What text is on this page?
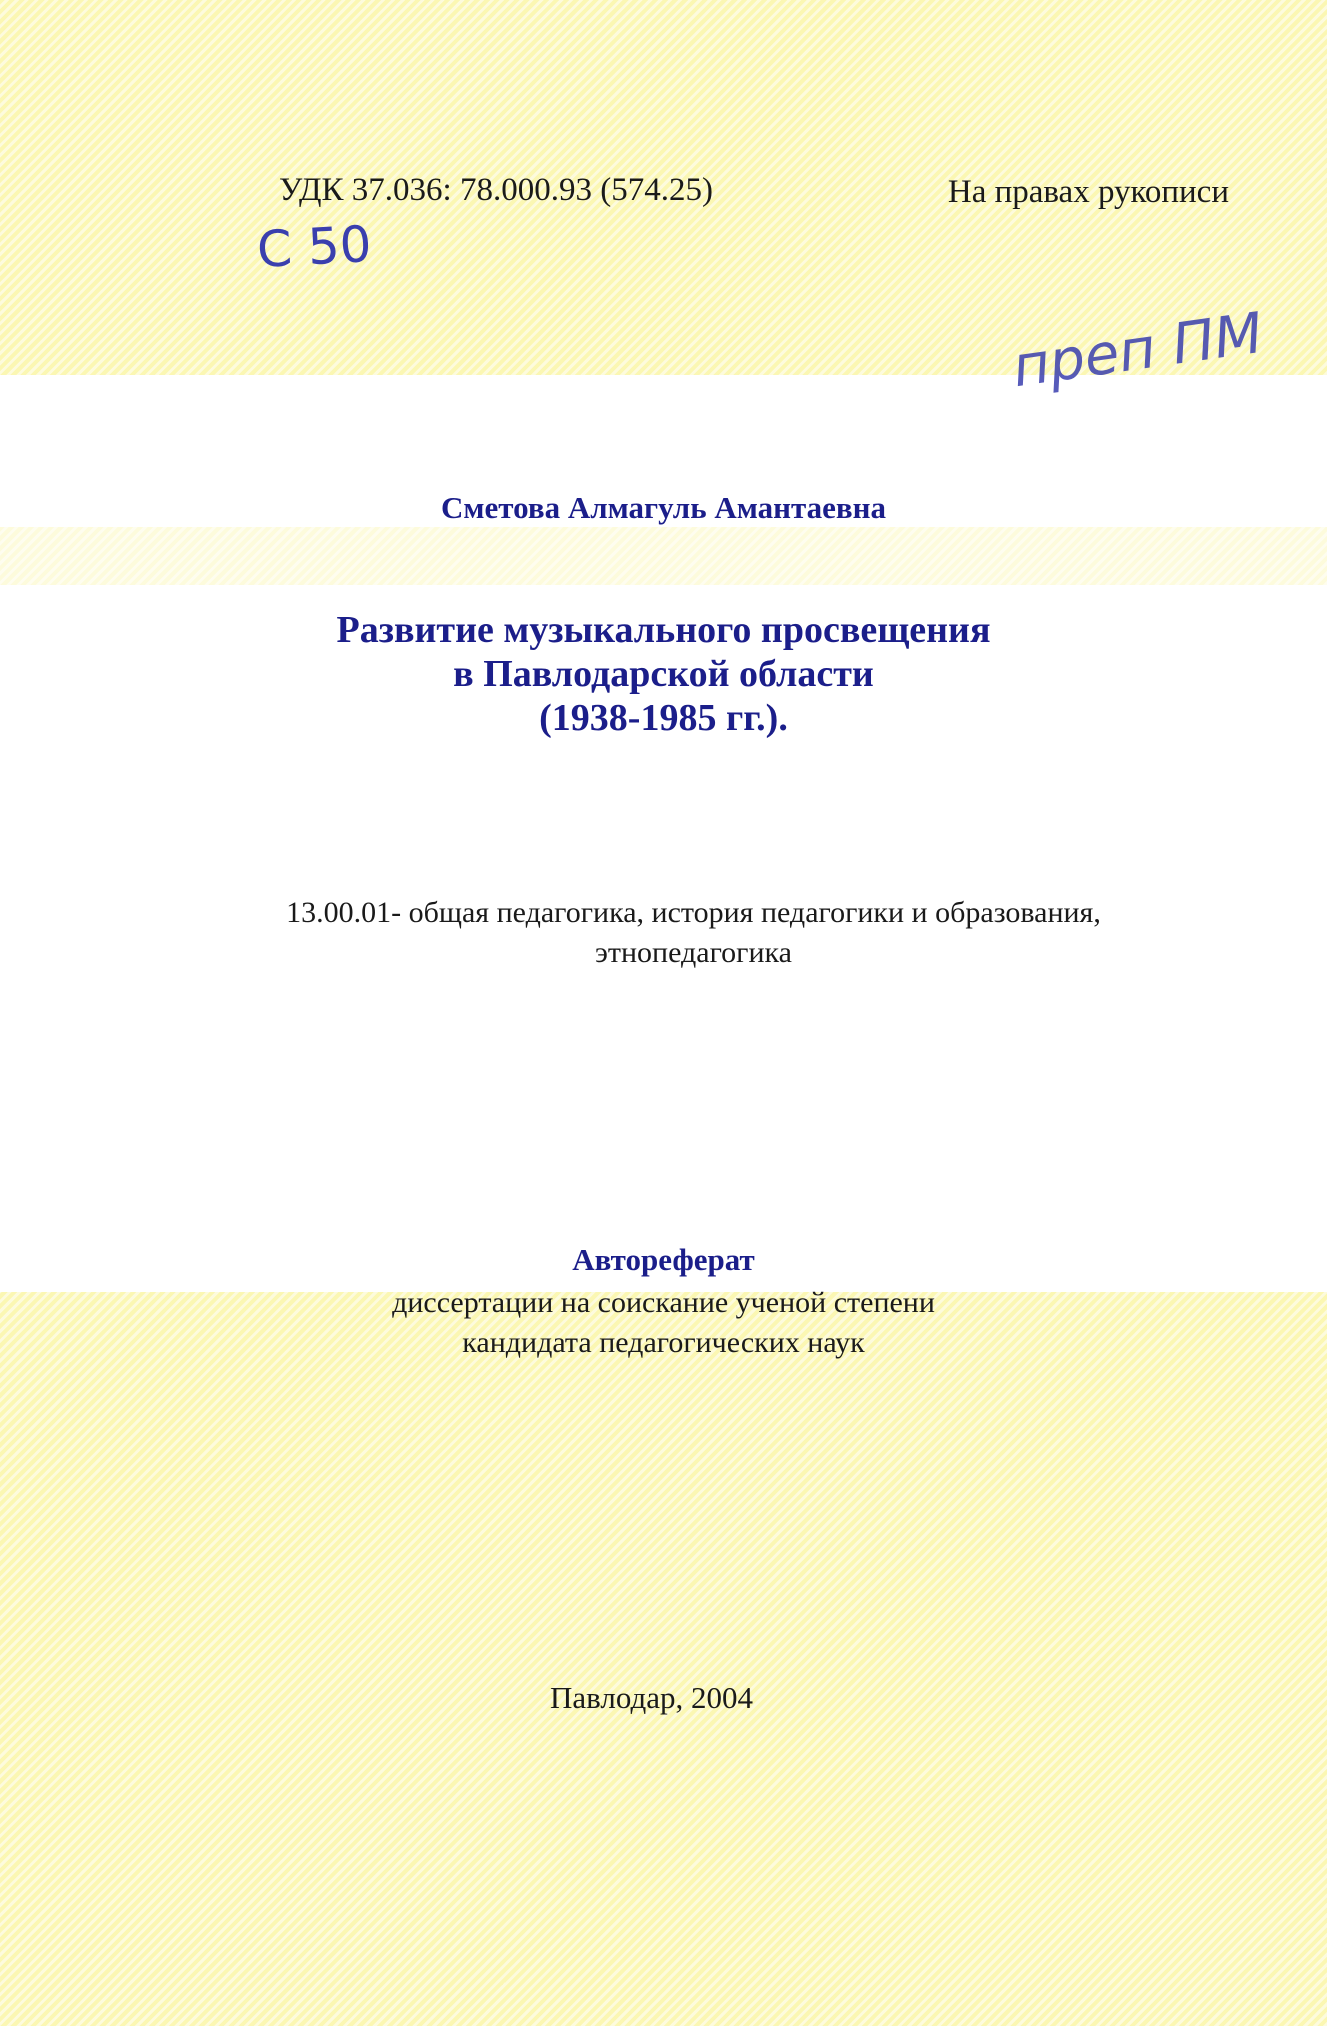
УДК 37.036: 78.000.93 (574.25)	На правах рукописи
C 50
преп ПМ
Сметова Алмагуль Амантаевна
Развитие музыкального просвещения
в Павлодарской области
(1938-1985 гг.).
13.00.01- общая педагогика, история педагогики и образования,
этнопедагогика
Автореферат
диссертации на соискание ученой степени
кандидата педагогических наук
Павлодар, 2004
